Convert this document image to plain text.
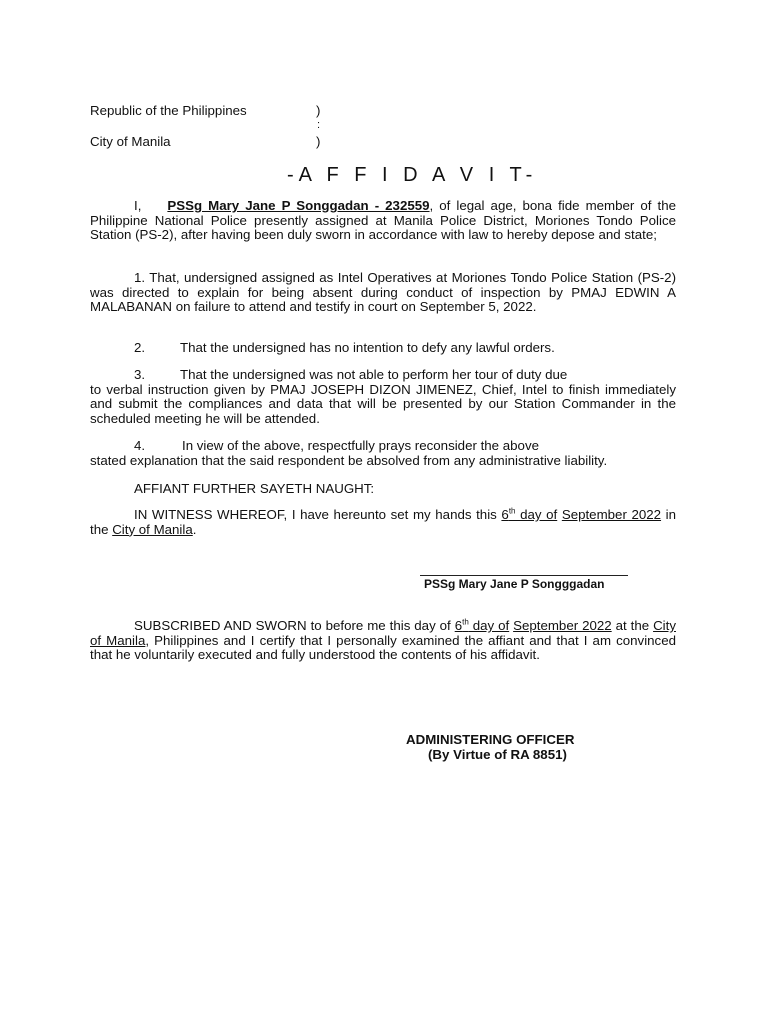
Republic of the Philippines	)
:
City of Manila	)
-A F F I D A V I T-
I, PSSg Mary Jane P Songgadan - 232559, of legal age, bona fide member of the Philippine National Police presently assigned at Manila Police District, Moriones Tondo Police Station (PS-2), after having been duly sworn in accordance with law to hereby depose and state;
1. That, undersigned assigned as Intel Operatives at Moriones Tondo Police Station (PS-2) was directed to explain for being absent during conduct of inspection by PMAJ EDWIN A MALABANAN on failure to attend and testify in court on September 5, 2022.
2.	That the undersigned has no intention to defy any lawful orders.
3.	That the undersigned was not able to perform her tour of duty due
to verbal instruction given by PMAJ JOSEPH DIZON JIMENEZ, Chief, Intel to finish immediately and submit the compliances and data that will be presented by our Station Commander in the scheduled meeting he will be attended.
4.	In view of the above, respectfully prays reconsider the above
stated explanation that the said respondent be absolved from any administrative liability.
AFFIANT FURTHER SAYETH NAUGHT:
IN WITNESS WHEREOF, I have hereunto set my hands this 6th day of September 2022 in the City of Manila.
PSSg Mary Jane P Songggadan
SUBSCRIBED AND SWORN to before me this day of 6th day of September 2022 at the City of Manila, Philippines and I certify that I personally examined the affiant and that I am convinced that he voluntarily executed and fully understood the contents of his affidavit.
ADMINISTERING OFFICER
(By Virtue of RA 8851)
